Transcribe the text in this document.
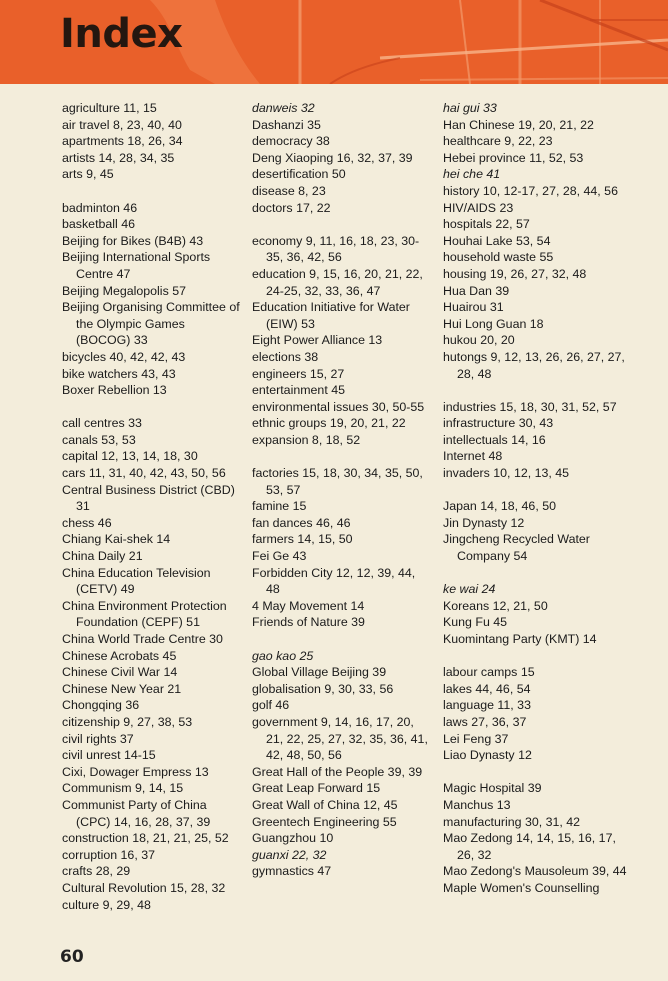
Index
agriculture 11, 15
air travel 8, 23, 40, 40
apartments 18, 26, 34
artists 14, 28, 34, 35
arts 9, 45
badminton 46
basketball 46
Beijing for Bikes (B4B) 43
Beijing International Sports Centre 47
Beijing Megalopolis 57
Beijing Organising Committee of the Olympic Games (BOCOG) 33
bicycles 40, 42, 42, 43
bike watchers 43, 43
Boxer Rebellion 13
call centres 33
canals 53, 53
capital 12, 13, 14, 18, 30
cars 11, 31, 40, 42, 43, 50, 56
Central Business District (CBD) 31
chess 46
Chiang Kai-shek 14
China Daily 21
China Education Television (CETV) 49
China Environment Protection Foundation (CEPF) 51
China World Trade Centre 30
Chinese Acrobats 45
Chinese Civil War 14
Chinese New Year 21
Chongqing 36
citizenship 9, 27, 38, 53
civil rights 37
civil unrest 14-15
Cixi, Dowager Empress 13
Communism 9, 14, 15
Communist Party of China (CPC) 14, 16, 28, 37, 39
construction 18, 21, 21, 25, 52
corruption 16, 37
crafts 28, 29
Cultural Revolution 15, 28, 32
culture 9, 29, 48
danweis 32
Dashanzi 35
democracy 38
Deng Xiaoping 16, 32, 37, 39
desertification 50
disease 8, 23
doctors 17, 22
economy 9, 11, 16, 18, 23, 30-35, 36, 42, 56
education 9, 15, 16, 20, 21, 22, 24-25, 32, 33, 36, 47
Education Initiative for Water (EIW) 53
Eight Power Alliance 13
elections 38
engineers 15, 27
entertainment 45
environmental issues 30, 50-55
ethnic groups 19, 20, 21, 22
expansion 8, 18, 52
factories 15, 18, 30, 34, 35, 50, 53, 57
famine 15
fan dances 46, 46
farmers 14, 15, 50
Fei Ge 43
Forbidden City 12, 12, 39, 44, 48
4 May Movement 14
Friends of Nature 39
gao kao 25
Global Village Beijing 39
globalisation 9, 30, 33, 56
golf 46
government 9, 14, 16, 17, 20, 21, 22, 25, 27, 32, 35, 36, 41, 42, 48, 50, 56
Great Hall of the People 39, 39
Great Leap Forward 15
Great Wall of China 12, 45
Greentech Engineering 55
Guangzhou 10
guanxi 22, 32
gymnastics 47
hai gui 33
Han Chinese 19, 20, 21, 22
healthcare 9, 22, 23
Hebei province 11, 52, 53
hei che 41
history 10, 12-17, 27, 28, 44, 56
HIV/AIDS 23
hospitals 22, 57
Houhai Lake 53, 54
household waste 55
housing 19, 26, 27, 32, 48
Hua Dan 39
Huairou 31
Hui Long Guan 18
hukou 20, 20
hutongs 9, 12, 13, 26, 26, 27, 27, 28, 48
industries 15, 18, 30, 31, 52, 57
infrastructure 30, 43
intellectuals 14, 16
Internet 48
invaders 10, 12, 13, 45
Japan 14, 18, 46, 50
Jin Dynasty 12
Jingcheng Recycled Water Company 54
ke wai 24
Koreans 12, 21, 50
Kung Fu 45
Kuomintang Party (KMT) 14
labour camps 15
lakes 44, 46, 54
language 11, 33
laws 27, 36, 37
Lei Feng 37
Liao Dynasty 12
Magic Hospital 39
Manchus 13
manufacturing 30, 31, 42
Mao Zedong 14, 14, 15, 16, 17, 26, 32
Mao Zedong's Mausoleum 39, 44
Maple Women's Counselling
60
